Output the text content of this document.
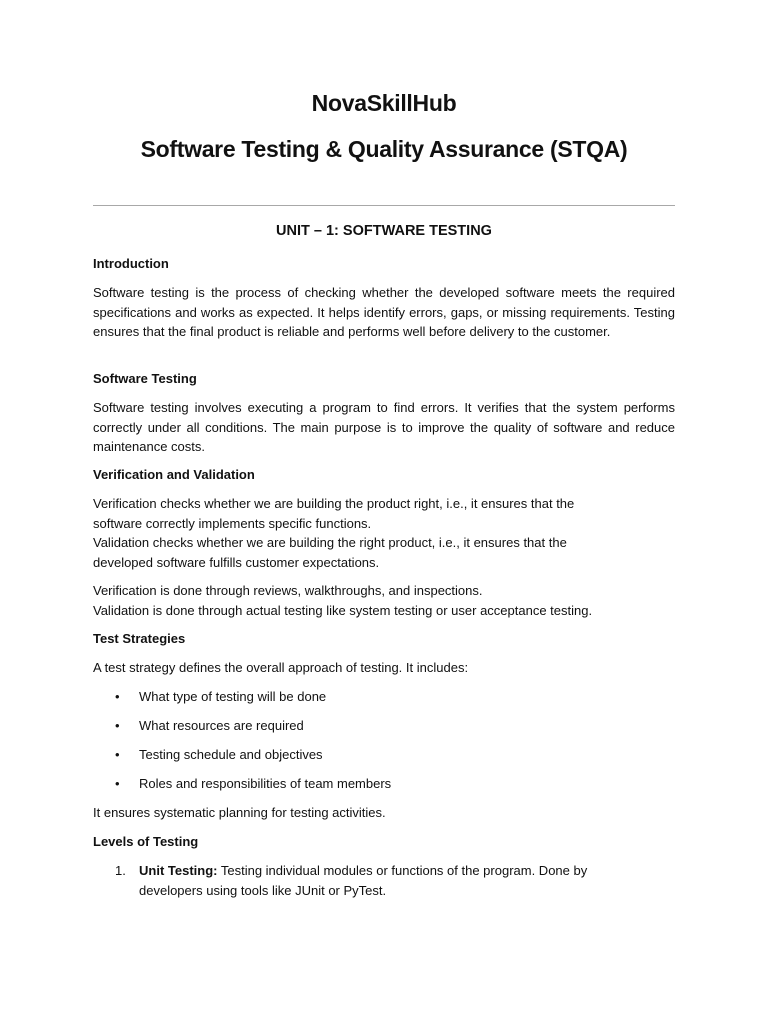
NovaSkillHub
Software Testing & Quality Assurance (STQA)
UNIT – 1: SOFTWARE TESTING

Introduction

Software testing is the process of checking whether the developed software meets the required specifications and works as expected. It helps identify errors, gaps, or missing requirements. Testing ensures that the final product is reliable and performs well before delivery to the customer.

Software Testing

Software testing involves executing a program to find errors. It verifies that the system performs correctly under all conditions. The main purpose is to improve the quality of software and reduce maintenance costs.

Verification and Validation

Verification checks whether we are building the product right, i.e., it ensures that the
software correctly implements specific functions.
Validation checks whether we are building the right product, i.e., it ensures that the
developed software fulfills customer expectations.
Verification is done through reviews, walkthroughs, and inspections.
Validation is done through actual testing like system testing or user acceptance testing.

Test Strategies

A test strategy defines the overall approach of testing. It includes:

• What type of testing will be done
• What resources are required
• Testing schedule and objectives
• Roles and responsibilities of team members

It ensures systematic planning for testing activities.

Levels of Testing

1. Unit Testing: Testing individual modules or functions of the program. Done by
developers using tools like JUnit or PyTest.
